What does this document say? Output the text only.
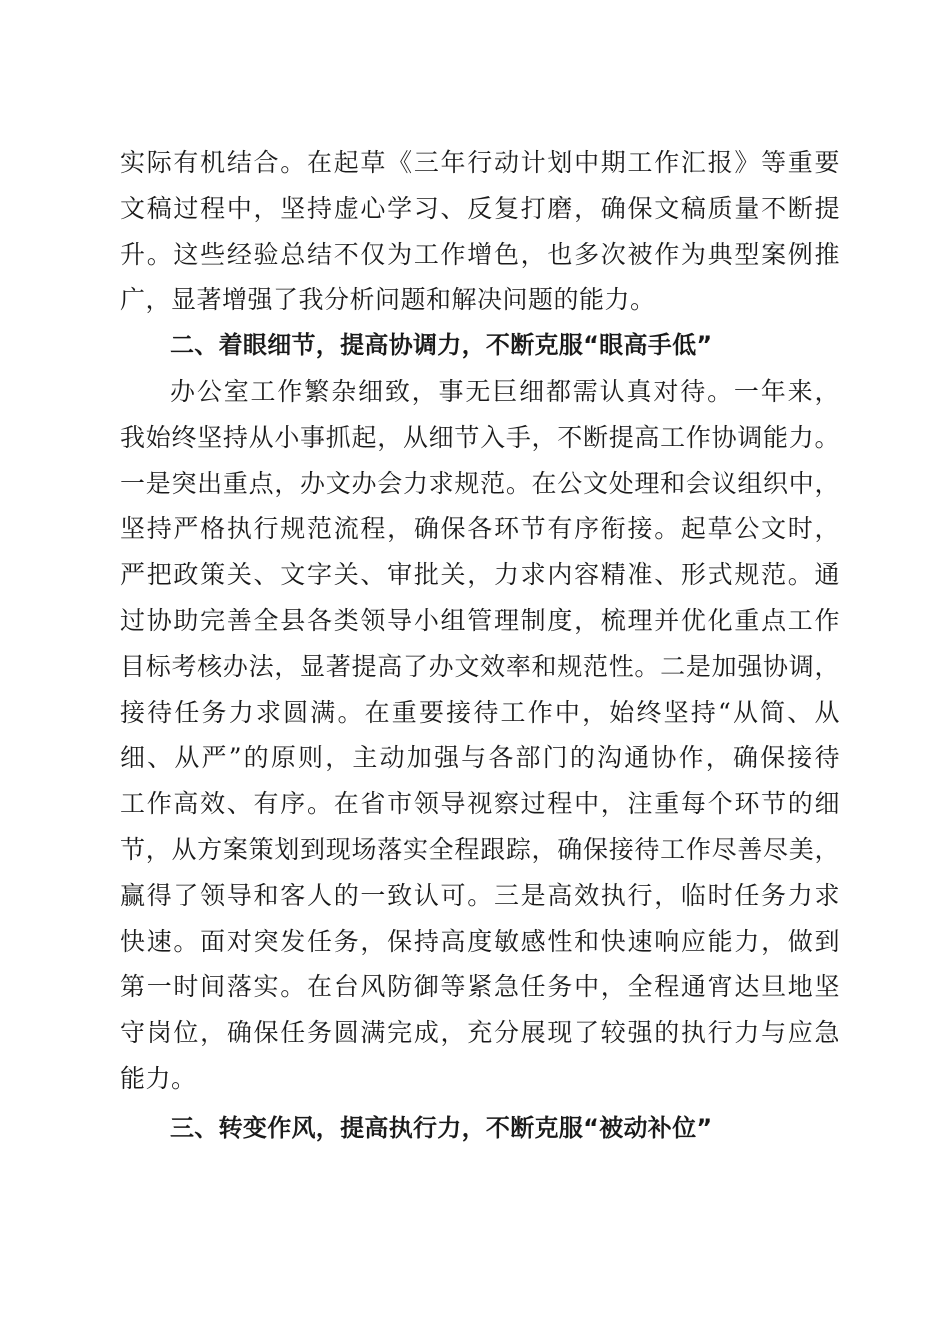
实际有机结合。在起草《三年行动计划中期工作汇报》等重要
文稿过程中，坚持虚心学习、反复打磨，确保文稿质量不断提
升。这些经验总结不仅为工作增色，也多次被作为典型案例推
广，显著增强了我分析问题和解决问题的能力。
二、着眼细节，提高协调力，不断克服“眼高手低”
办公室工作繁杂细致，事无巨细都需认真对待。一年来，
我始终坚持从小事抓起，从细节入手，不断提高工作协调能力。
一是突出重点，办文办会力求规范。在公文处理和会议组织中，
坚持严格执行规范流程，确保各环节有序衔接。起草公文时，
严把政策关、文字关、审批关，力求内容精准、形式规范。通
过协助完善全县各类领导小组管理制度，梳理并优化重点工作
目标考核办法，显著提高了办文效率和规范性。二是加强协调，
接待任务力求圆满。在重要接待工作中，始终坚持“从简、从
细、从严”的原则，主动加强与各部门的沟通协作，确保接待
工作高效、有序。在省市领导视察过程中，注重每个环节的细
节，从方案策划到现场落实全程跟踪，确保接待工作尽善尽美，
赢得了领导和客人的一致认可。三是高效执行，临时任务力求
快速。面对突发任务，保持高度敏感性和快速响应能力，做到
第一时间落实。在台风防御等紧急任务中，全程通宵达旦地坚
守岗位，确保任务圆满完成，充分展现了较强的执行力与应急
能力。
三、转变作风，提高执行力，不断克服“被动补位”
